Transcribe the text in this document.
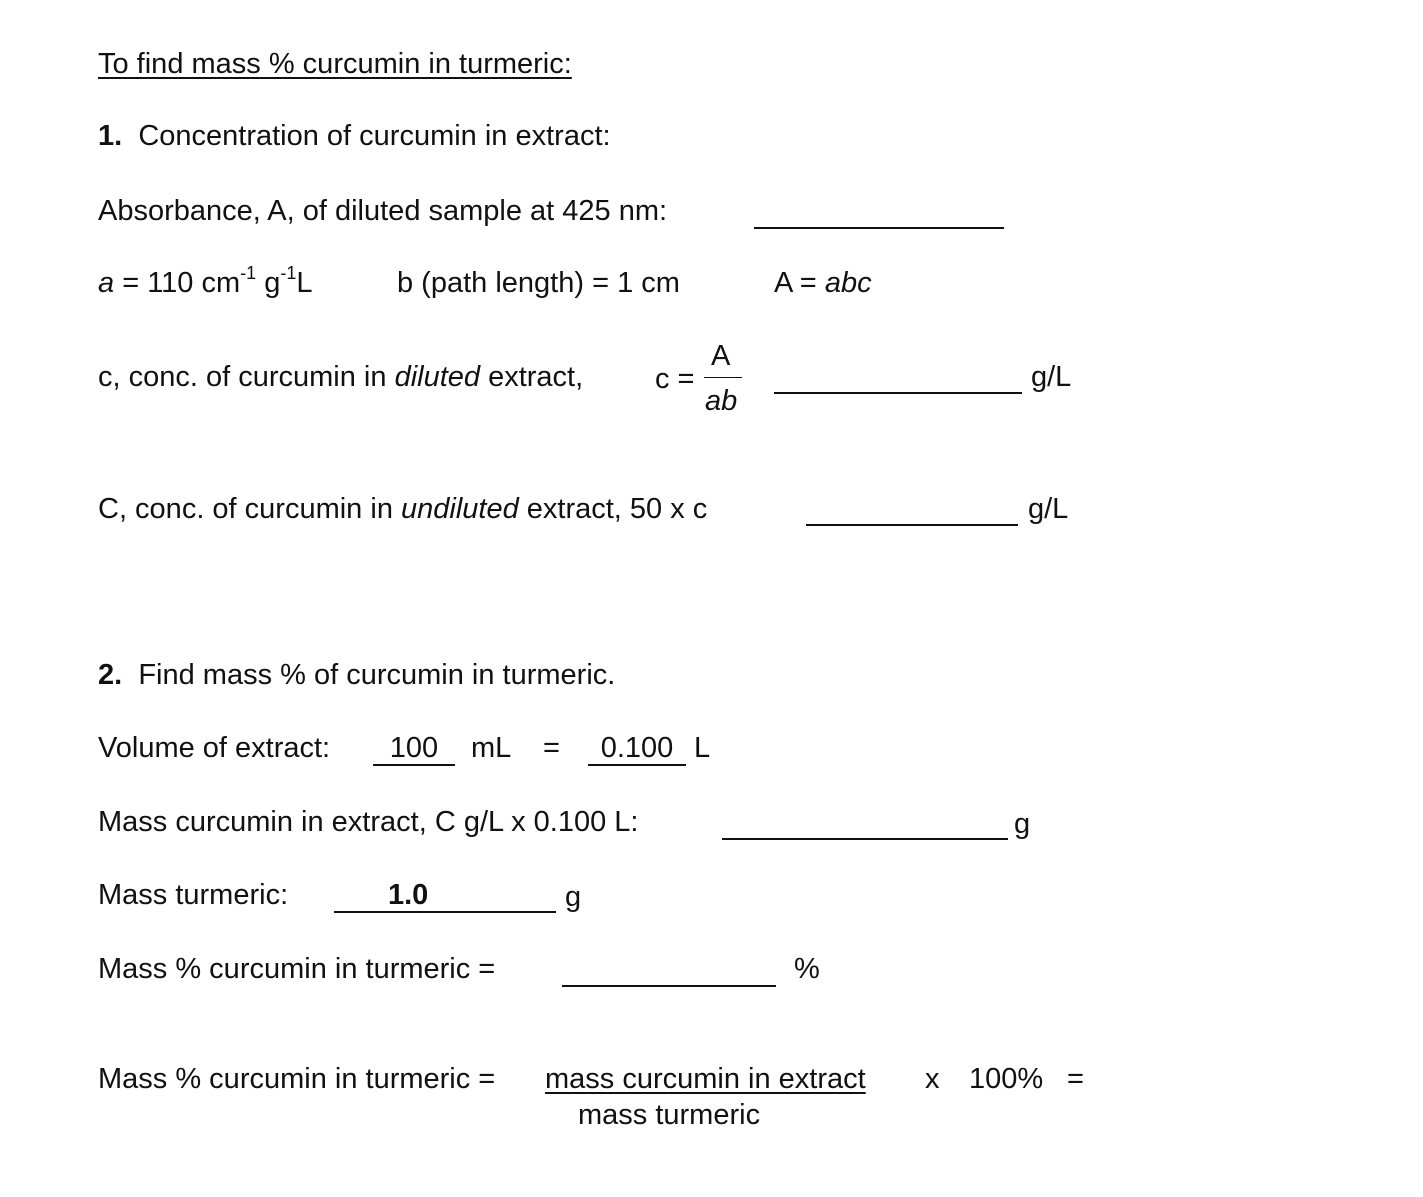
To find mass % curcumin in turmeric:
1. Concentration of curcumin in extract:
Absorbance, A, of diluted sample at 425 nm:
a = 110 $cm^{-1}$ $g^{-1}L$	b (path length) = 1 cm	A = abc
c, conc. of curcumin in diluted extract, c =
A
ab
g/L
C, conc. of curcumin in undiluted extract, 50 x c	g/L
2. Find mass % of curcumin in turmeric.
Volume of extract:	100	mL =	0.100 L
Mass curcumin in extract, C g/L x 0.100 L:	g
Mass turmeric:	1.0	g
Mass % curcumin in turmeric =	%
Mass % curcumin in turmeric = mass curcumin in extract x 100% =
mass turmeric
